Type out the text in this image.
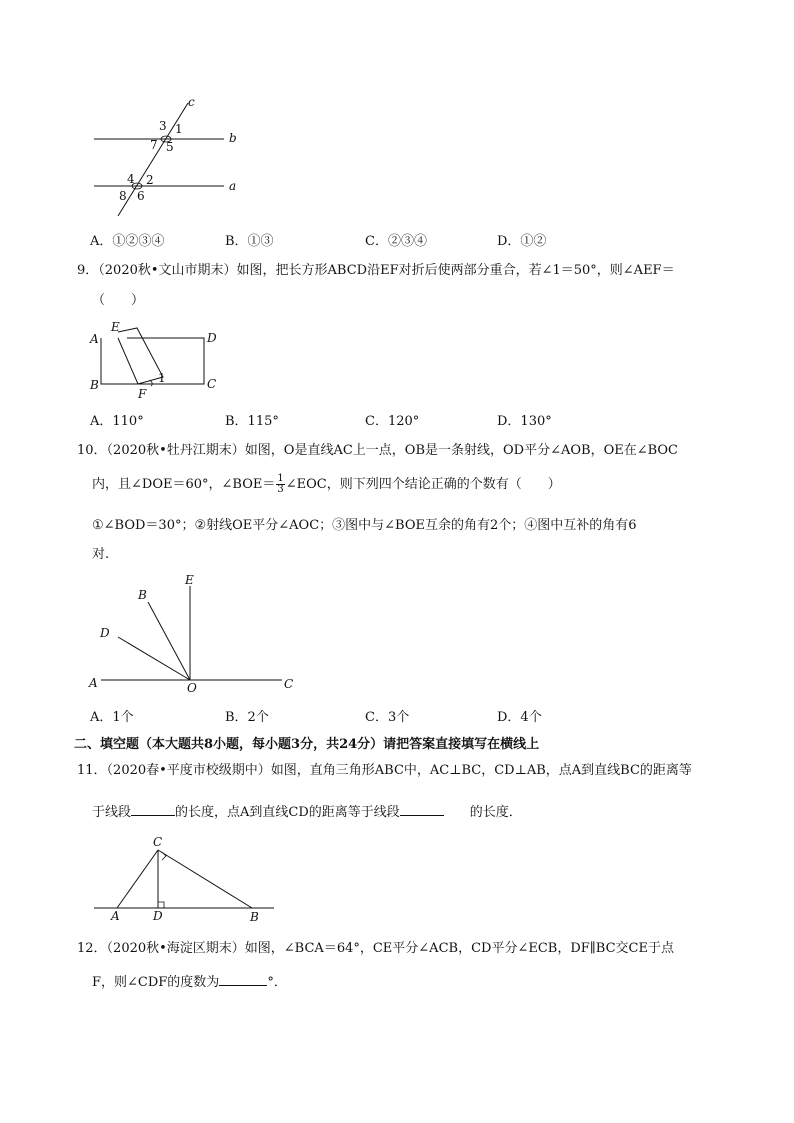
c
b
a
3 1
7 5
4 2
8 6
A．①②③④	B．①③	C．②③④	D．①②
9．（2020秋•文山市期末）如图，把长方形ABCD沿EF对折后使两部分重合，若∠1＝50°，则∠AEF＝
（　　）
A
E
D
B
F
C
1
A．110°	B．115°	C．120°	D．130°
10．（2020秋•牡丹江期末）如图，O是直线AC上一点，OB是一条射线，OD平分∠AOB，OE在∠BOC
内，且∠DOE＝60°，∠BOE＝ $\frac{1}{3}$ ∠EOC，则下列四个结论正确的个数有（　　）
①∠BOD＝30°；②射线OE平分∠AOC；③图中与∠BOE互余的角有2个；④图中互补的角有6
对.
E
B
D
A	O	C
A．1个	B．2个	C．3个	D．4个
二、填空题（本大题共8小题，每小题3分，共24分）请把答案直接填写在横线上
11．（2020春•平度市校级期中）如图，直角三角形ABC中，AC⊥BC，CD⊥AB，点A到直线BC的距离等
于线段	的长度，点A到直线CD的距离等于线段	的长度．
C
A	D	B
12．（2020秋•海淀区期末）如图，∠BCA＝64°，CE平分∠ACB，CD平分∠ECB，DF∥BC交CE于点
F，则∠CDF的度数为	°．
